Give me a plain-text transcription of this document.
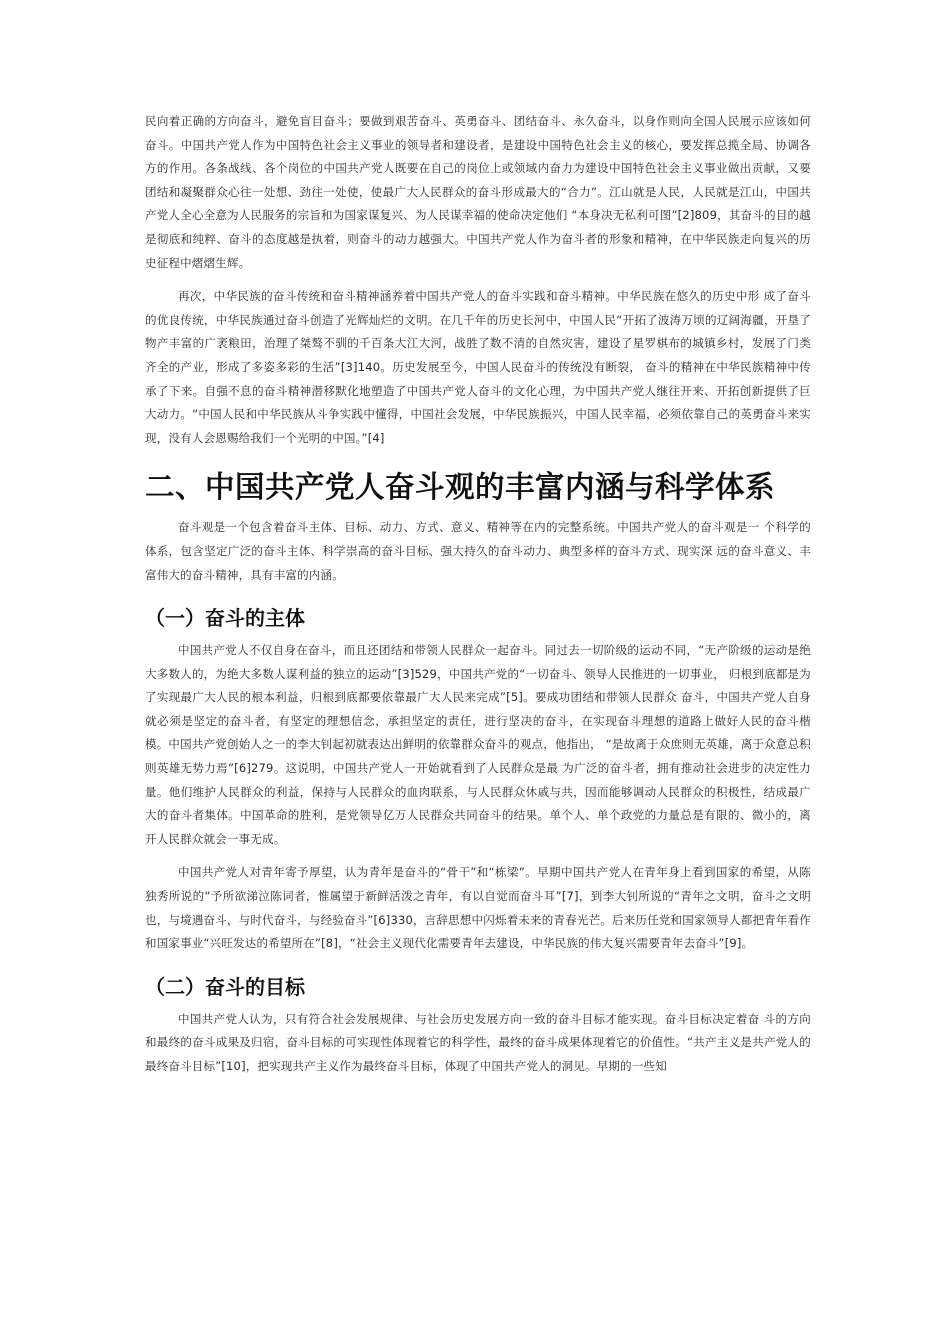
民向着正确的方向奋斗，避免盲目奋斗；要做到艰苦奋斗、英勇奋斗、团结奋斗、永久奋斗，以身作则向全国人民展示应该如何奋斗。中国共产党人作为中国特色社会主义事业的领导者和建设者，是建设中国特色社会主义的核心，要发挥总揽全局、协调各方的作用。各条战线、各个岗位的中国共产党人既要在自己的岗位上或领域内奋力为建设中国特色社会主义事业做出贡献，又要团结和凝聚群众心往一处想、劲往一处使，使最广大人民群众的奋斗形成最大的“合力”。江山就是人民，人民就是江山，中国共产党人全心全意为人民服务的宗旨和为国家谋复兴、为人民谋幸福的使命决定他们 “本身决无私利可图”[2]809，其奋斗的目的越是彻底和纯粹、奋斗的态度越是执着，则奋斗的动力越强大。中国共产党人作为奋斗者的形象和精神，在中华民族走向复兴的历史征程中熠熠生辉。

再次，中华民族的奋斗传统和奋斗精神涵养着中国共产党人的奋斗实践和奋斗精神。中华民族在悠久的历史中形 成了奋斗的优良传统，中华民族通过奋斗创造了光辉灿烂的文明。在几千年的历史长河中，中国人民“开拓了波涛万顷的辽阔海疆，开垦了物产丰富的广袤粮田，治理了桀骜不驯的千百条大江大河，战胜了数不清的自然灾害，建设了星罗棋布的城镇乡村，发展了门类齐全的产业，形成了多姿多彩的生活”[3]140。历史发展至今，中国人民奋斗的传统没有断裂， 奋斗的精神在中华民族精神中传承了下来。自强不息的奋斗精神潜移默化地塑造了中国共产党人奋斗的文化心理，为中国共产党人继往开来、开拓创新提供了巨大动力。“中国人民和中华民族从斗争实践中懂得，中国社会发展，中华民族振兴，中国人民幸福，必须依靠自己的英勇奋斗来实现，没有人会恩赐给我们一个光明的中国。”[4]

二、中国共产党人奋斗观的丰富内涵与科学体系

奋斗观是一个包含着奋斗主体、目标、动力、方式、意义、精神等在内的完整系统。中国共产党人的奋斗观是一 个科学的体系，包含坚定广泛的奋斗主体、科学崇高的奋斗目标、强大持久的奋斗动力、典型多样的奋斗方式、现实深 远的奋斗意义、丰富伟大的奋斗精神，具有丰富的内涵。

（一）奋斗的主体

中国共产党人不仅自身在奋斗，而且还团结和带领人民群众一起奋斗。同过去一切阶级的运动不同，“无产阶级的运动是绝大多数人的，为绝大多数人谋利益的独立的运动”[3]529，中国共产党的“一切奋斗、领导人民推进的一切事业， 归根到底都是为了实现最广大人民的根本利益，归根到底都要依靠最广大人民来完成”[5]。要成功团结和带领人民群众 奋斗，中国共产党人自身就必须是坚定的奋斗者，有坚定的理想信念，承担坚定的责任，进行坚决的奋斗，在实现奋斗理想的道路上做好人民的奋斗楷模。中国共产党创始人之一的李大钊起初就表达出鲜明的依靠群众奋斗的观点，他指出， “是故离于众庶则无英雄，离于众意总积则英雄无势力焉”[6]279。这说明，中国共产党人一开始就看到了人民群众是最 为广泛的奋斗者，拥有推动社会进步的决定性力量。他们维护人民群众的利益，保持与人民群众的血肉联系，与人民群众休戚与共，因而能够调动人民群众的积极性，结成最广大的奋斗者集体。中国革命的胜利，是党领导亿万人民群众共同奋斗的结果。单个人、单个政党的力量总是有限的、微小的，离开人民群众就会一事无成。

中国共产党人对青年寄予厚望，认为青年是奋斗的“骨干”和“栋梁”。早期中国共产党人在青年身上看到国家的希望，从陈独秀所说的“予所欲涕泣陈词者，惟属望于新鲜活泼之青年，有以自觉而奋斗耳”[7]，到李大钊所说的“青年之文明，奋斗之文明也，与境遇奋斗，与时代奋斗，与经验奋斗”[6]330，言辞思想中闪烁着未来的青春光芒。后来历任党和国家领导人都把青年看作和国家事业“兴旺发达的希望所在”[8]，“社会主义现代化需要青年去建设，中华民族的伟大复兴需要青年去奋斗”[9]。

（二）奋斗的目标

中国共产党人认为，只有符合社会发展规律、与社会历史发展方向一致的奋斗目标才能实现。奋斗目标决定着奋 斗的方向和最终的奋斗成果及归宿，奋斗目标的可实现性体现着它的科学性，最终的奋斗成果体现着它的价值性。“共产主义是共产党人的最终奋斗目标”[10]，把实现共产主义作为最终奋斗目标，体现了中国共产党人的洞见。早期的一些知
